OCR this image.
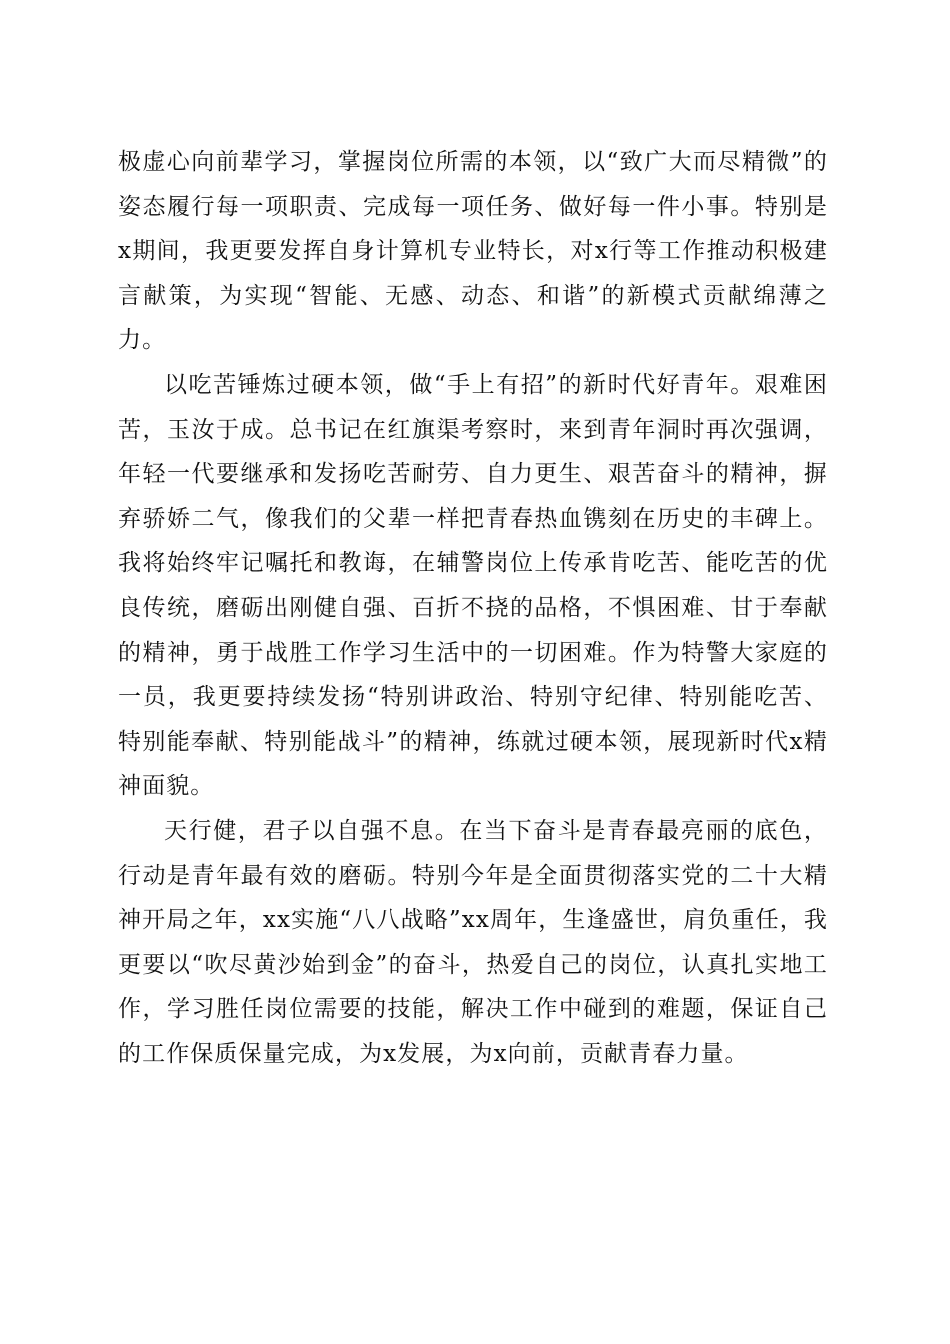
极虚心向前辈学习，掌握岗位所需的本领，以“致广大而尽精微”的姿态履行每一项职责、完成每一项任务、做好每一件小事。特别是x期间，我更要发挥自身计算机专业特长，对x行等工作推动积极建言献策，为实现“智能、无感、动态、和谐”的新模式贡献绵薄之力。

以吃苦锤炼过硬本领，做“手上有招”的新时代好青年。艰难困苦，玉汝于成。总书记在红旗渠考察时，来到青年洞时再次强调，年轻一代要继承和发扬吃苦耐劳、自力更生、艰苦奋斗的精神，摒弃骄娇二气，像我们的父辈一样把青春热血镌刻在历史的丰碑上。我将始终牢记嘱托和教诲，在辅警岗位上传承肯吃苦、能吃苦的优良传统，磨砺出刚健自强、百折不挠的品格，不惧困难、甘于奉献的精神，勇于战胜工作学习生活中的一切困难。作为特警大家庭的一员，我更要持续发扬“特别讲政治、特别守纪律、特别能吃苦、特别能奉献、特别能战斗”的精神，练就过硬本领，展现新时代x精神面貌。

天行健，君子以自强不息。在当下奋斗是青春最亮丽的底色，行动是青年最有效的磨砺。特别今年是全面贯彻落实党的二十大精神开局之年，xx实施“八八战略”xx周年，生逢盛世，肩负重任，我更要以“吹尽黄沙始到金”的奋斗，热爱自己的岗位，认真扎实地工作，学习胜任岗位需要的技能，解决工作中碰到的难题，保证自己的工作保质保量完成，为x发展，为x向前，贡献青春力量。
